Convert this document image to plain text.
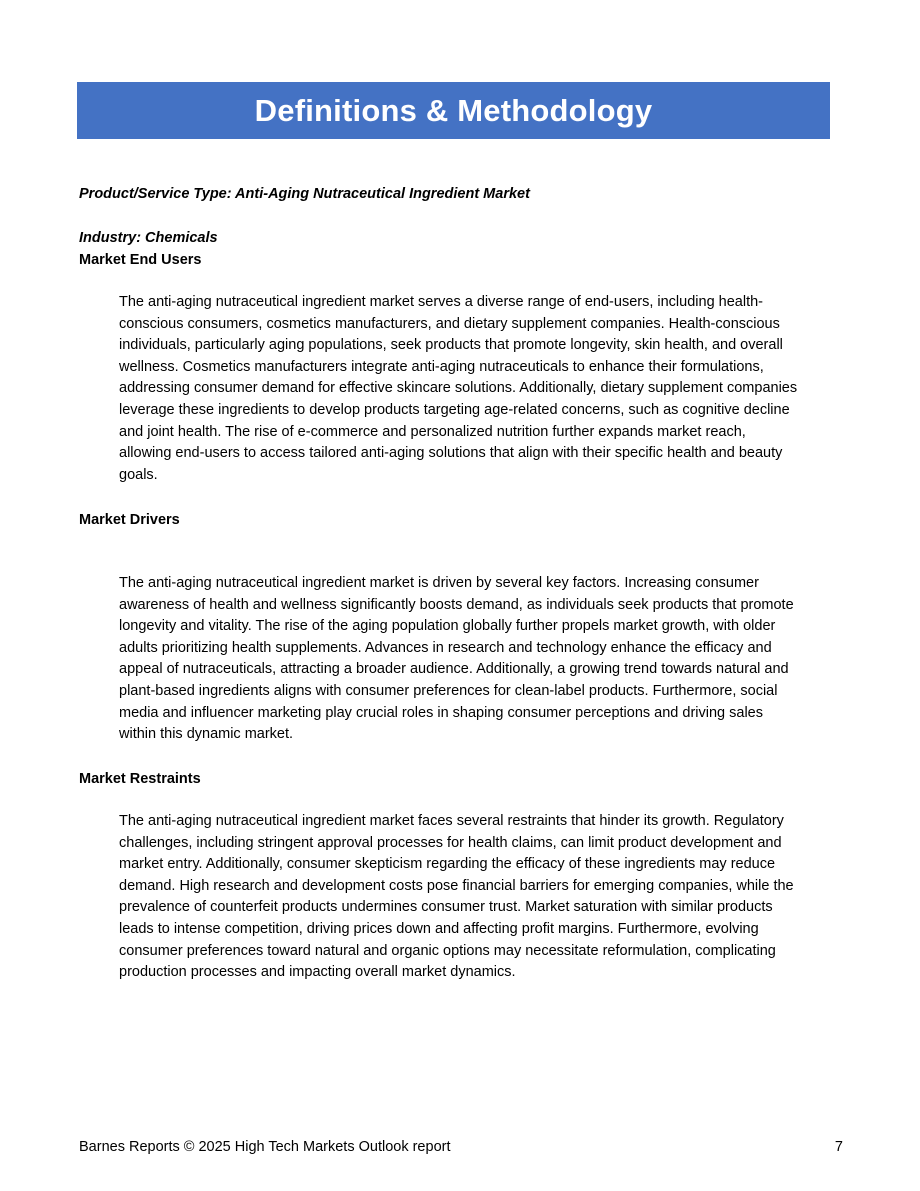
Definitions & Methodology

Product/Service Type: Anti-Aging Nutraceutical Ingredient Market

Industry: Chemicals

Market End Users

The anti-aging nutraceutical ingredient market serves a diverse range of end-users, including health-conscious consumers, cosmetics manufacturers, and dietary supplement companies. Health-conscious individuals, particularly aging populations, seek products that promote longevity, skin health, and overall wellness. Cosmetics manufacturers integrate anti-aging nutraceuticals to enhance their formulations, addressing consumer demand for effective skincare solutions. Additionally, dietary supplement companies leverage these ingredients to develop products targeting age-related concerns, such as cognitive decline and joint health. The rise of e-commerce and personalized nutrition further expands market reach, allowing end-users to access tailored anti-aging solutions that align with their specific health and beauty goals.

Market Drivers

The anti-aging nutraceutical ingredient market is driven by several key factors. Increasing consumer awareness of health and wellness significantly boosts demand, as individuals seek products that promote longevity and vitality. The rise of the aging population globally further propels market growth, with older adults prioritizing health supplements. Advances in research and technology enhance the efficacy and appeal of nutraceuticals, attracting a broader audience. Additionally, a growing trend towards natural and plant-based ingredients aligns with consumer preferences for clean-label products. Furthermore, social media and influencer marketing play crucial roles in shaping consumer perceptions and driving sales within this dynamic market.

Market Restraints

The anti-aging nutraceutical ingredient market faces several restraints that hinder its growth. Regulatory challenges, including stringent approval processes for health claims, can limit product development and market entry. Additionally, consumer skepticism regarding the efficacy of these ingredients may reduce demand. High research and development costs pose financial barriers for emerging companies, while the prevalence of counterfeit products undermines consumer trust. Market saturation with similar products leads to intense competition, driving prices down and affecting profit margins. Furthermore, evolving consumer preferences toward natural and organic options may necessitate reformulation, complicating production processes and impacting overall market dynamics.

Barnes Reports © 2025 High Tech Markets Outlook report	7
